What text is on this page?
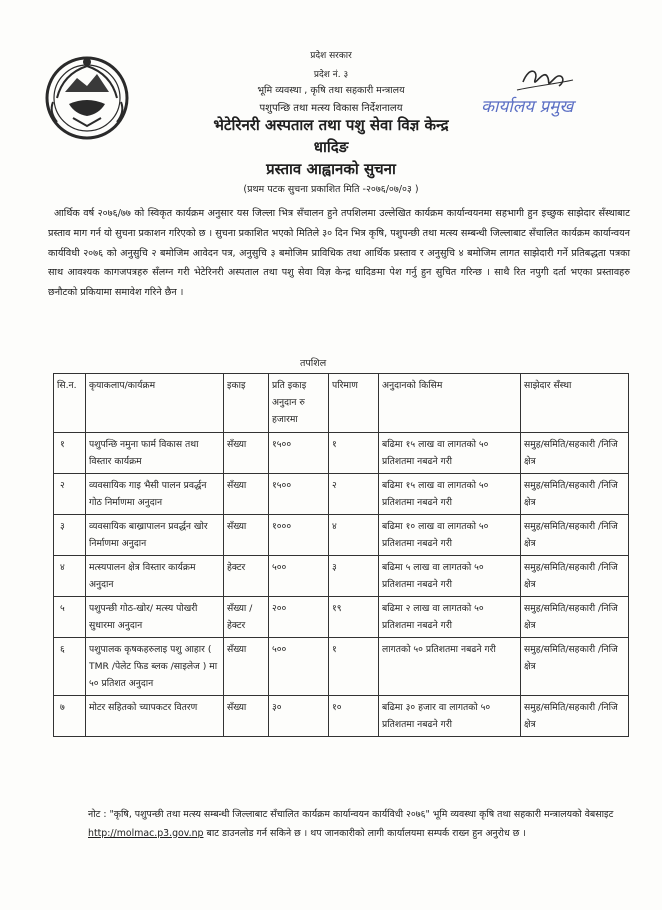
प्रदेश सरकार
प्रदेश नं. ३
भूमि व्यवस्था , कृषि तथा सहकारी मन्त्रालय
पशुपन्छि तथा मत्स्य विकास निर्देशनालय
भेटेरिनरी अस्पताल तथा पशु सेवा विज्ञ केन्द्र
धादिङ
प्रस्ताव आह्वानको सुचना
(प्रथम पटक सुचना प्रकाशित मिति -२०७६/०७/०३ )
कार्यालय प्रमुख
आर्थिक वर्ष २०७६/७७ को स्विकृत कार्यक्रम अनुसार यस जिल्ला भित्र सँचालन हुने तपशिलमा उल्लेखित कार्यक्रम कार्यान्वयनमा सहभागी हुन इच्छुक साझेदार सँस्थाबाट प्रस्ताव माग गर्न यो सुचना प्रकाशन गरिएको छ । सुचना प्रकाशित भएको मितिले ३० दिन भित्र कृषि, पशुपन्छी तथा मत्स्य सम्बन्धी जिल्लाबाट सँचालित कार्यक्रम कार्यान्वयन कार्यविधी २०७६ को अनुसुचि २ बमोजिम आवेदन पत्र, अनुसुचि ३ बमोजिम प्राविधिक तथा आर्थिक प्रस्ताव र अनुसुचि ४ बमोजिम लागत साझेदारी गर्ने प्रतिबद्धता पत्रका साथ आवश्यक कागजपत्रहरु सँलग्न गरी भेटेरिनरी अस्पताल तथा पशु सेवा विज्ञ केन्द्र धादिङमा पेश गर्नु हुन सुचित गरिन्छ । साथै रित नपुगी दर्ता भएका प्रस्तावहरु छनौटको प्रकियामा समावेश गरिने छैन ।
तपशिल
सि.न.	कृयाकलाप/कार्यक्रम	इकाइ	प्रति इकाइ अनुदान रु हजारमा	परिमाण	अनुदानको किसिम	साझेदार सँस्था
१	पशुपन्छि नमुना फार्म विकास तथा विस्तार कार्यक्रम	सँख्या	१५००	१	बढिमा १५ लाख वा लागतको ५० प्रतिशतमा नबढने गरी	समुह/समिति/सहकारी /निजि क्षेत्र
२	व्यवसायिक गाइ भैसी पालन प्रवर्द्धन गोठ निर्माणमा अनुदान	सँख्या	१५००	२	बढिमा १५ लाख वा लागतको ५० प्रतिशतमा नबढने गरी	समुह/समिति/सहकारी /निजि क्षेत्र
३	व्यवसायिक बाख्रापालन प्रवर्द्धन खोर निर्माणमा अनुदान	सँख्या	१०००	४	बढिमा १० लाख वा लागतको ५० प्रतिशतमा नबढने गरी	समुह/समिति/सहकारी /निजि क्षेत्र
४	मत्स्यपालन क्षेत्र विस्तार कार्यक्रम अनुदान	हेक्टर	५००	३	बढिमा ५ लाख वा लागतको ५० प्रतिशतमा नबढने गरी	समुह/समिति/सहकारी /निजि क्षेत्र
५	पशुपन्छी गोठ-खोर/ मत्स्य पोखरी सुधारमा अनुदान	सँख्या / हेक्टर	२००	१९	बढिमा २ लाख वा लागतको ५० प्रतिशतमा नबढने गरी	समुह/समिति/सहकारी /निजि क्षेत्र
६	पशुपालक कृषकहरुलाइ पशु आहार ( TMR /पेलेट फिड ब्लक /साइलेज ) मा ५० प्रतिशत अनुदान	सँख्या	५००	१	लागतको ५० प्रतिशतमा नबढने गरी	समुह/समिति/सहकारी /निजि क्षेत्र
७	मोटर सहितको च्यापकटर वितरण	सँख्या	३०	१०	बढिमा ३० हजार वा लागतको ५० प्रतिशतमा नबढने गरी	समुह/समिति/सहकारी /निजि क्षेत्र
नोट : "कृषि, पशुपन्छी तथा मत्स्य सम्बन्धी जिल्लाबाट सँचालित कार्यक्रम कार्यान्वयन कार्यविधी २०७६" भूमि व्यवस्था कृषि तथा सहकारी मन्त्रालयको वेबसाइट http://molmac.p3.gov.np बाट डाउनलोड गर्न सकिने छ । थप जानकारीको लागी कार्यालयमा सम्पर्क राख्न हुन अनुरोध छ ।
